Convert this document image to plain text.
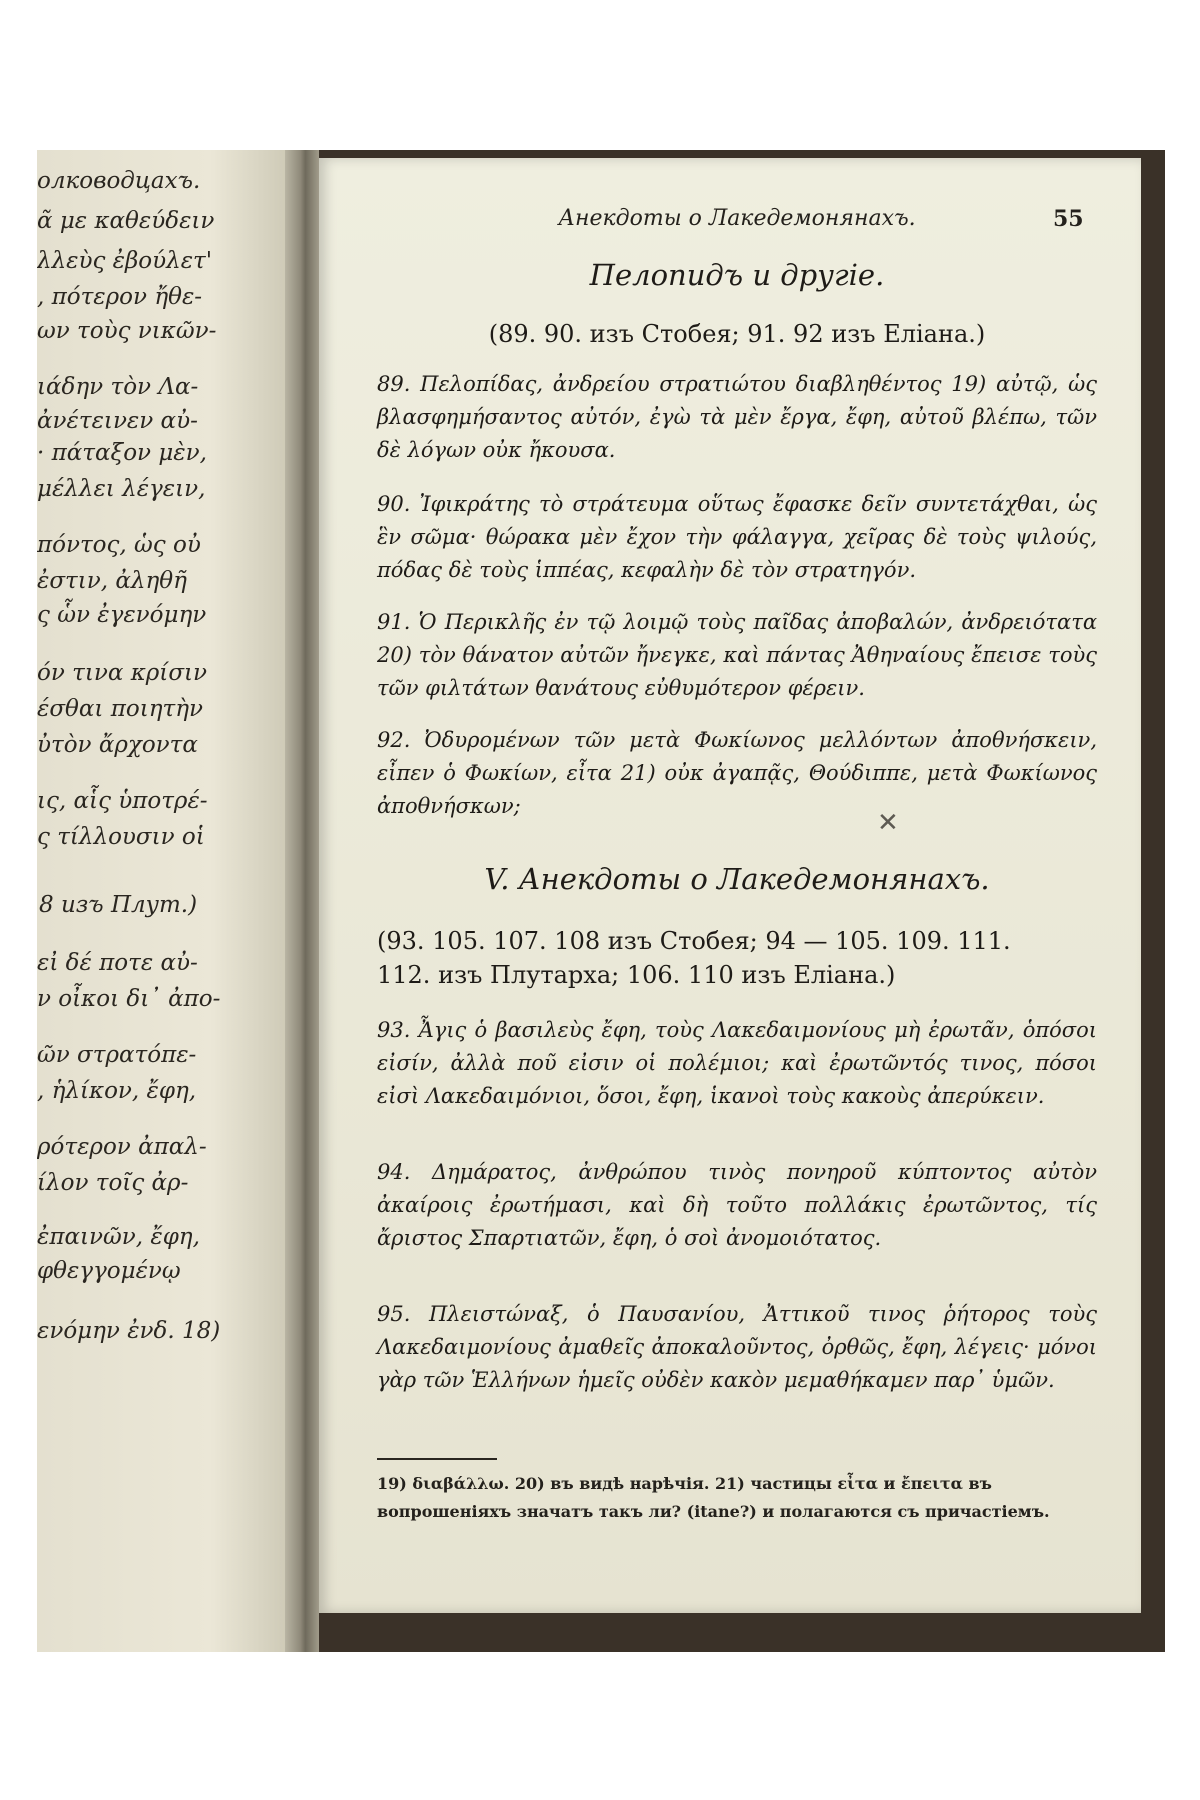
олководцахъ.
ᾶ με καθεύδειν
λλεὺς ἐβούλετ'
, πότερον ἤθε-
ων τοὺς νικῶν-
ιάδην τὸν Λα-
ἀνέτεινεν αὐ-
· πάταξον μὲν,
μέλλει λέγειν,
πόντος, ὡς οὐ
ἐστιν, ἀληθῆ
ς ὧν ἐγενόμην
όν τινα κρίσιν
έσθαι ποιητὴν
ὐτὸν ἄρχοντα
ις, αἷς ὑποτρέ-
ς τίλλουσιν οἱ
8 изъ Плут.)
εἰ δέ ποτε αὐ-
ν οἶκοι δι᾽ ἀπο-
ῶν στρατόπε-
, ἡλίκον, ἔφη,
ρότερον ἀπαλ-
ίλον τοῖς ἀρ-
ἐπαινῶν, ἔφη,
φθεγγομένῳ
ενόμην ἐνδ. 18)
Анекдоты о Лакедемонянахъ.	55
Пелопидъ и другіе.
(89. 90. изъ Стобея; 91. 92 изъ Еліана.)
89. Πελοπίδας, ἀνδρείου στρατιώτου διαβληθέντος 19) αὐτῷ, ὡς βλασφημήσαντος αὐτόν, ἐγὼ τὰ μὲν ἔργα, ἔφη, αὐτοῦ βλέπω, τῶν δὲ λόγων οὐκ ἤκουσα.
90. Ἰφικράτης τὸ στράτευμα οὕτως ἔφασκε δεῖν συντετάχθαι, ὡς ἓν σῶμα· θώρακα μὲν ἔχον τὴν φάλαγγα, χεῖρας δὲ τοὺς ψιλούς, πόδας δὲ τοὺς ἱππέας, κεφαλὴν δὲ τὸν στρατηγόν.
91. Ὁ Περικλῆς ἐν τῷ λοιμῷ τοὺς παῖδας ἀποβαλών, ἀνδρειότατα 20) τὸν θάνατον αὐτῶν ἤνεγκε, καὶ πάντας Ἀθηναίους ἔπεισε τοὺς τῶν φιλτάτων θανάτους εὐθυμότερον φέρειν.
92. Ὀδυρομένων τῶν μετὰ Φωκίωνος μελλόντων ἀποθνήσκειν, εἶπεν ὁ Φωκίων, εἶτα 21) οὐκ ἀγαπᾷς, Θούδιππε, μετὰ Φωκίωνος ἀποθνήσκων;
✕
V. Анекдоты о Лакедемонянахъ.
(93. 105. 107. 108 изъ Стобея; 94 — 105. 109. 111.
112. изъ Плутарха; 106. 110 изъ Еліана.)
93. Ἆγις ὁ βασιλεὺς ἔφη, τοὺς Λακεδαιμονίους μὴ ἐρωτᾶν, ὁπόσοι εἰσίν, ἀλλὰ ποῦ εἰσιν οἱ πολέμιοι; καὶ ἐρωτῶντός τινος, πόσοι εἰσὶ Λακεδαιμόνιοι, ὅσοι, ἔφη, ἱκανοὶ τοὺς κακοὺς ἀπερύκειν.
94. Δημάρατος, ἀνθρώπου τινὸς πονηροῦ κύπτοντος αὐτὸν ἀκαίροις ἐρωτήμασι, καὶ δὴ τοῦτο πολλάκις ἐρωτῶντος, τίς ἄριστος Σπαρτιατῶν, ἔφη, ὁ σοὶ ἀνομοιότατος.
95. Πλειστώναξ, ὁ Παυσανίου, Ἀττικοῦ τινος ῥήτορος τοὺς Λακεδαιμονίους ἀμαθεῖς ἀποκαλοῦντος, ὀρθῶς, ἔφη, λέγεις· μόνοι γὰρ τῶν Ἑλλήνων ἡμεῖς οὐδὲν κακὸν μεμαθήκαμεν παρ᾽ ὑμῶν.
19) διαβάλλω. 20) въ видѣ нарѣчія. 21) частицы εἶτα и ἔπειτα въ вопрошеніяхъ значатъ такъ ли? (itane?) и полагаются съ причастіемъ.
